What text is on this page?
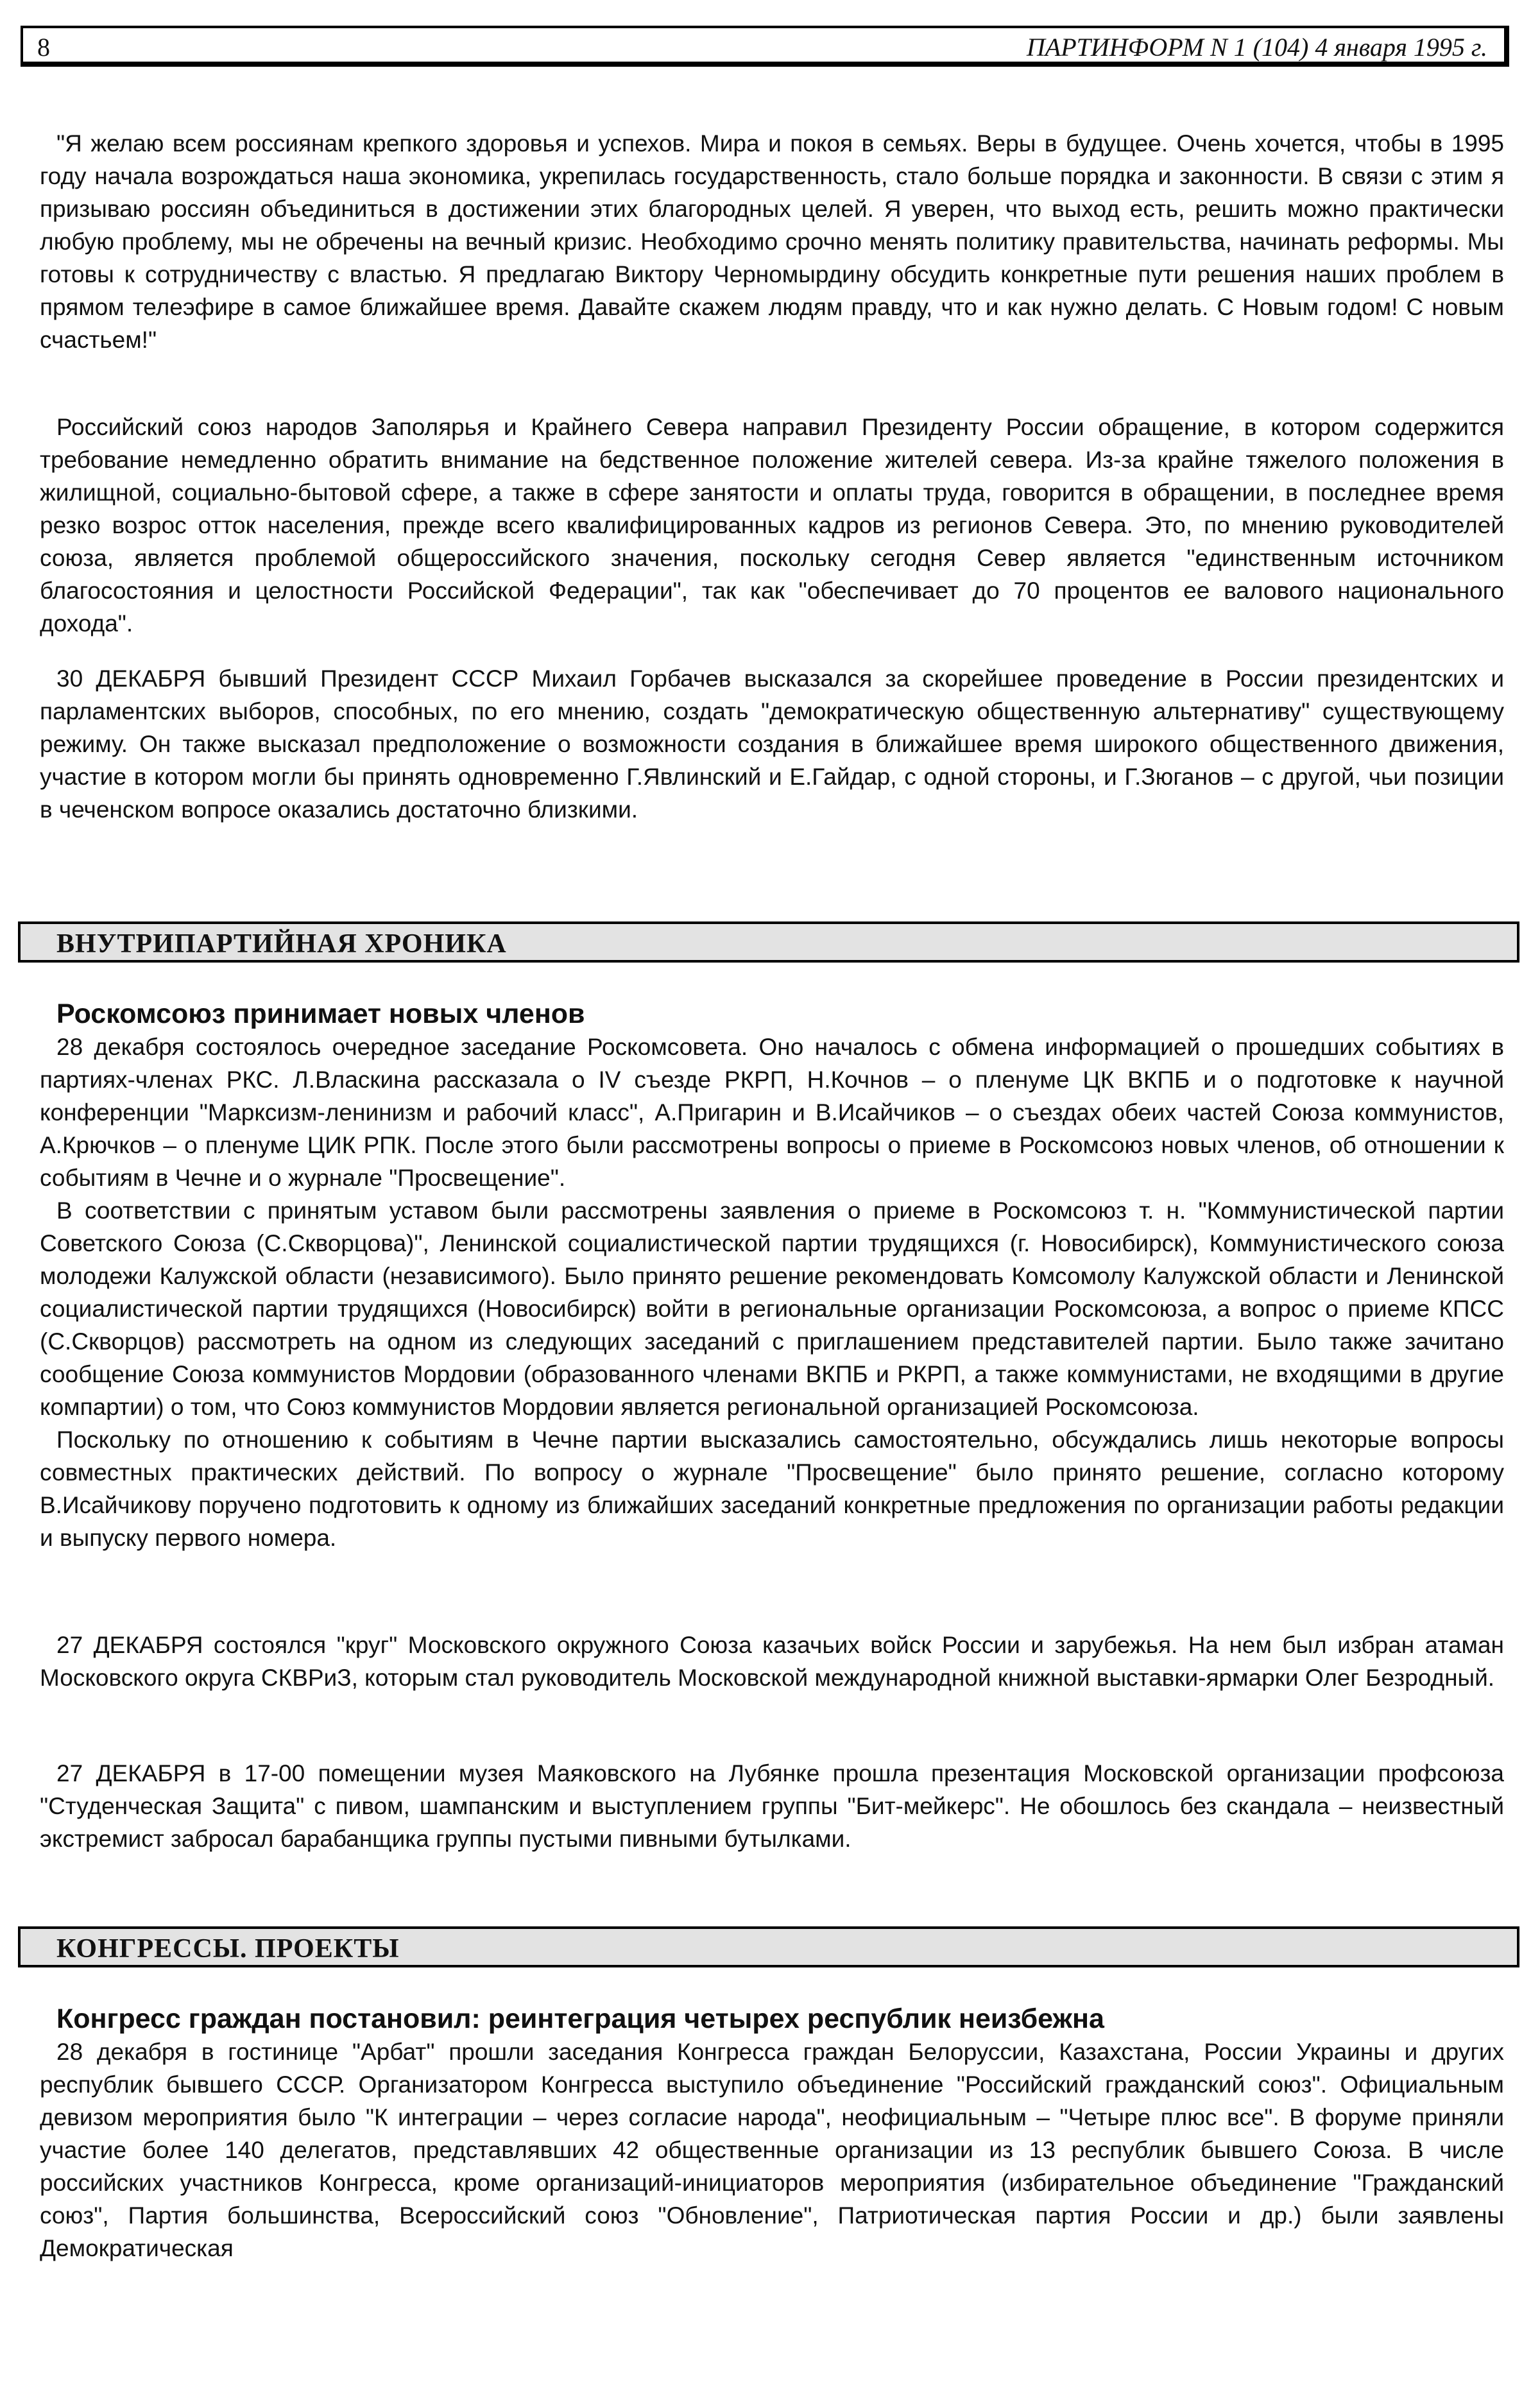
8	ПАРТИНФОРМ N 1 (104) 4 января 1995 г.

"Я желаю всем россиянам крепкого здоровья и успехов. Мира и покоя в семьях. Веры в будущее. Очень хочется, чтобы в 1995 году начала возрождаться наша экономика, укрепилась государственность, стало больше порядка и законности. В связи с этим я призываю россиян объединиться в достижении этих благородных целей. Я уверен, что выход есть, решить можно практически любую проблему, мы не обречены на вечный кризис. Необходимо срочно менять политику правительства, начинать реформы. Мы готовы к сотрудничеству с властью. Я предлагаю Виктору Черномырдину обсудить конкретные пути решения наших проблем в прямом телеэфире в самое ближайшее время. Давайте скажем людям правду, что и как нужно делать. С Новым годом! С новым счастьем!"

Российский союз народов Заполярья и Крайнего Севера направил Президенту России обращение, в котором содержится требование немедленно обратить внимание на бедственное положение жителей севера. Из-за крайне тяжелого положения в жилищной, социально-бытовой сфере, а также в сфере занятости и оплаты труда, говорится в обращении, в последнее время резко возрос отток населения, прежде всего квалифицированных кадров из регионов Севера. Это, по мнению руководителей союза, является проблемой общероссийского значения, поскольку сегодня Север является "единственным источником благосостояния и целостности Российской Федерации", так как "обеспечивает до 70 процентов ее валового национального дохода".

30 ДЕКАБРЯ бывший Президент СССР Михаил Горбачев высказался за скорейшее проведение в России президентских и парламентских выборов, способных, по его мнению, создать "демократическую общественную альтернативу" существующему режиму. Он также высказал предположение о возможности создания в ближайшее время широкого общественного движения, участие в котором могли бы принять одновременно Г.Явлинский и Е.Гайдар, с одной стороны, и Г.Зюганов – с другой, чьи позиции в чеченском вопросе оказались достаточно близкими.

ВНУТРИПАРТИЙНАЯ ХРОНИКА
Роскомсоюз принимает новых членов

28 декабря состоялось очередное заседание Роскомсовета. Оно началось с обмена информацией о прошедших событиях в партиях-членах РКС. Л.Власкина рассказала о IV съезде РКРП, Н.Кочнов – о пленуме ЦК ВКПБ и о подготовке к научной конференции "Марксизм-ленинизм и рабочий класс", А.Пригарин и В.Исайчиков – о съездах обеих частей Союза коммунистов, А.Крючков – о пленуме ЦИК РПК. После этого были рассмотрены вопросы о приеме в Роскомсоюз новых членов, об отношении к событиям в Чечне и о журнале "Просвещение".

В соответствии с принятым уставом были рассмотрены заявления о приеме в Роскомсоюз т. н. "Коммунистической партии Советского Союза (С.Скворцова)", Ленинской социалистической партии трудящихся (г. Новосибирск), Коммунистического союза молодежи Калужской области (независимого). Было принято решение рекомендовать Комсомолу Калужской области и Ленинской социалистической партии трудящихся (Новосибирск) войти в региональные организации Роскомсоюза, а вопрос о приеме КПСС (С.Скворцов) рассмотреть на одном из следующих заседаний с приглашением представителей партии. Было также зачитано сообщение Союза коммунистов Мордовии (образованного членами ВКПБ и РКРП, а также коммунистами, не входящими в другие компартии) о том, что Союз коммунистов Мордовии является региональной организацией Роскомсоюза.

Поскольку по отношению к событиям в Чечне партии высказались самостоятельно, обсуждались лишь некоторые вопросы совместных практических действий. По вопросу о журнале "Просвещение" было принято решение, согласно которому В.Исайчикову поручено подготовить к одному из ближайших заседаний конкретные предложения по организации работы редакции и выпуску первого номера.

27 ДЕКАБРЯ состоялся "круг" Московского окружного Союза казачьих войск России и зарубежья. На нем был избран атаман Московского округа СКВРиЗ, которым стал руководитель Московской международной книжной выставки-ярмарки Олег Безродный.

27 ДЕКАБРЯ в 17-00 помещении музея Маяковского на Лубянке прошла презентация Московской организации профсоюза "Студенческая Защита" с пивом, шампанским и выступлением группы "Бит-мейкерс". Не обошлось без скандала – неизвестный экстремист забросал барабанщика группы пустыми пивными бутылками.

КОНГРЕССЫ. ПРОЕКТЫ
Конгресс граждан постановил: реинтеграция четырех республик неизбежна

28 декабря в гостинице "Арбат" прошли заседания Конгресса граждан Белоруссии, Казахстана, России Украины и других республик бывшего СССР. Организатором Конгресса выступило объединение "Российский гражданский союз". Официальным девизом мероприятия было "К интеграции – через согласие народа", неофициальным – "Четыре плюс все". В форуме приняли участие более 140 делегатов, представлявших 42 общественные организации из 13 республик бывшего Союза. В числе российских участников Конгресса, кроме организаций-инициаторов мероприятия (избирательное объединение "Гражданский союз", Партия большинства, Всероссийский союз "Обновление", Патриотическая партия России и др.) были заявлены Демократическая
